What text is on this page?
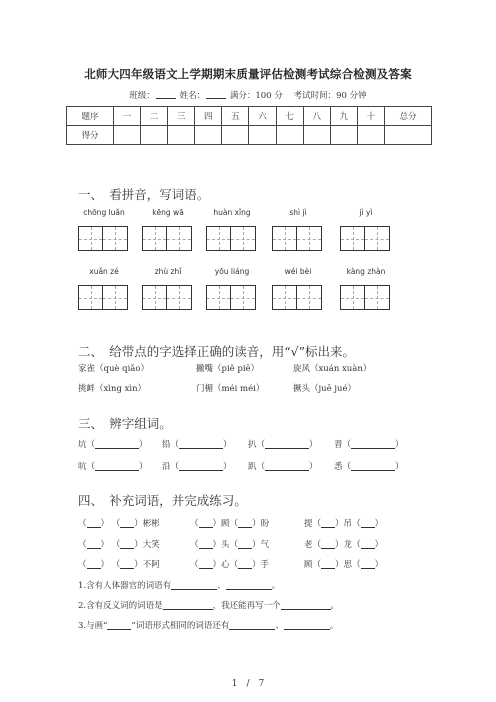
北师大四年级语文上学期期末质量评估检测考试综合检测及答案
班级：	姓名：	满分：100 分 考试时间：90 分钟
题序	一	二	三	四	五	六	七	八	九	十	总分
得分											
一、　看拼音，写词语。
chōng luǎn	kēng wā	huàn xǐng	shì jì	jì yì
xuǎn zé	zhù zhǐ	yōu liáng	wéi bèi	kàng zhàn
二、　给带点的字选择正确的读音，用“√”标出来。
家雀（què qiǎo）	撇嘴（piě piē）	旋风（xuán xuàn）
挑衅（xìng xìn）	门楣（méi méi）	撅头（juē jué）
三、　辨字组词。
坑（	） 铅（	） 扒（	） 晋（	）
吭（	） 沿（	） 趴（	） 悉（	）
四、　补充词语，并完成练习。
（ ） （ ）彬彬	（ ）顾（ ）盼	提（ ）吊（ ）
（ ） （ ）大笑	（ ）头（ ）气	老（ ）龙（ ）
（ ） （ ）不阿	（ ）心（ ）手	顾（ ）思（ ）
1.含有人体器官的词语有	、	。
2.含有反义词的词语是	，我还能再写一个	。
3.与画“	”词语形式相同的词语还有	、	。
1　/　7
